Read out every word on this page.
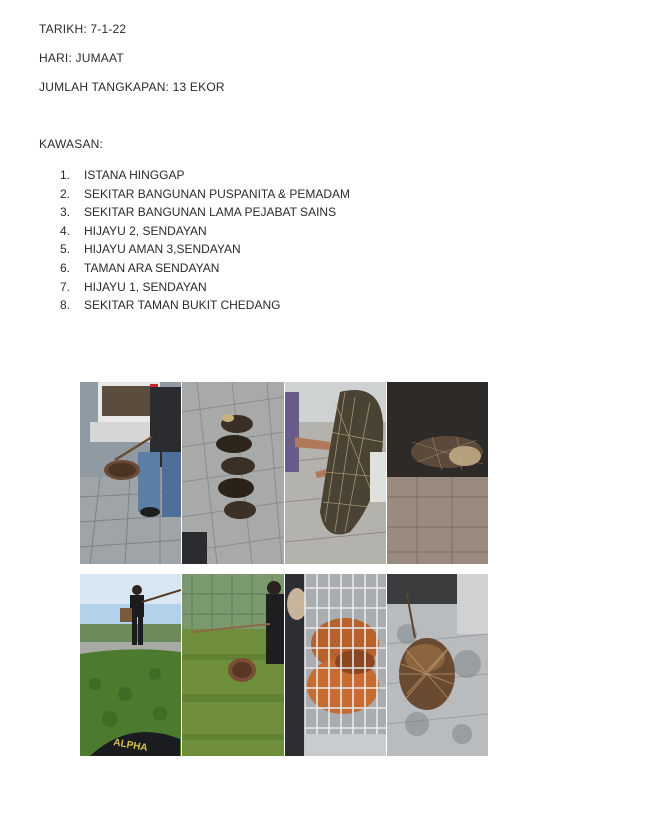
TARIKH: 7-1-22
HARI: JUMAAT
JUMLAH TANGKAPAN: 13 EKOR
KAWASAN:
1. ISTANA HINGGAP
2. SEKITAR BANGUNAN PUSPANITA & PEMADAM
3. SEKITAR BANGUNAN LAMA PEJABAT SAINS
4. HIJAYU 2, SENDAYAN
5. HIJAYU AMAN 3,SENDAYAN
6. TAMAN ARA SENDAYAN
7. HIJAYU 1, SENDAYAN
8. SEKITAR TAMAN BUKIT CHEDANG
ALPHA
